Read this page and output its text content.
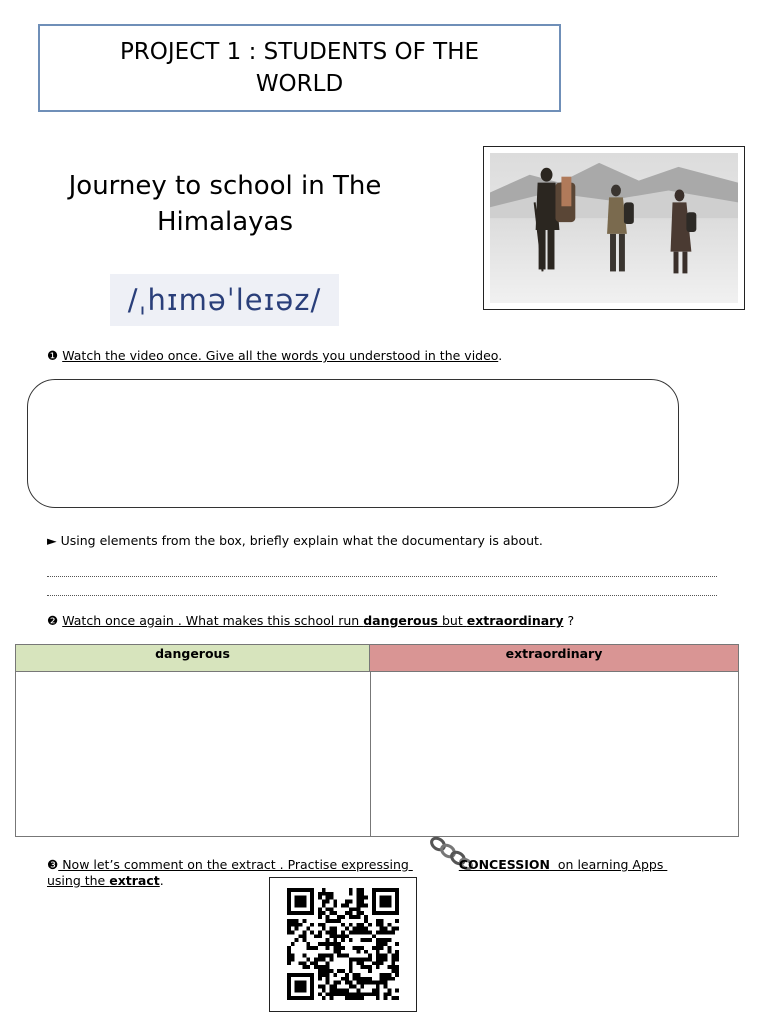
PROJECT 1 : STUDENTS OF THE WORLD
Journey to school in The
Himalayas
/ˌhɪməˈleɪəz/
❶ Watch the video once. Give all the words you understood in the video.
► Using elements from the box, briefly explain what the documentary is about.
❷ Watch once again . What makes this school run dangerous but extraordinary ?
dangerous	extraordinary
❸ Now let’s comment on the extract . Practise expressing	CONCESSION  on learning Apps
using the extract.
